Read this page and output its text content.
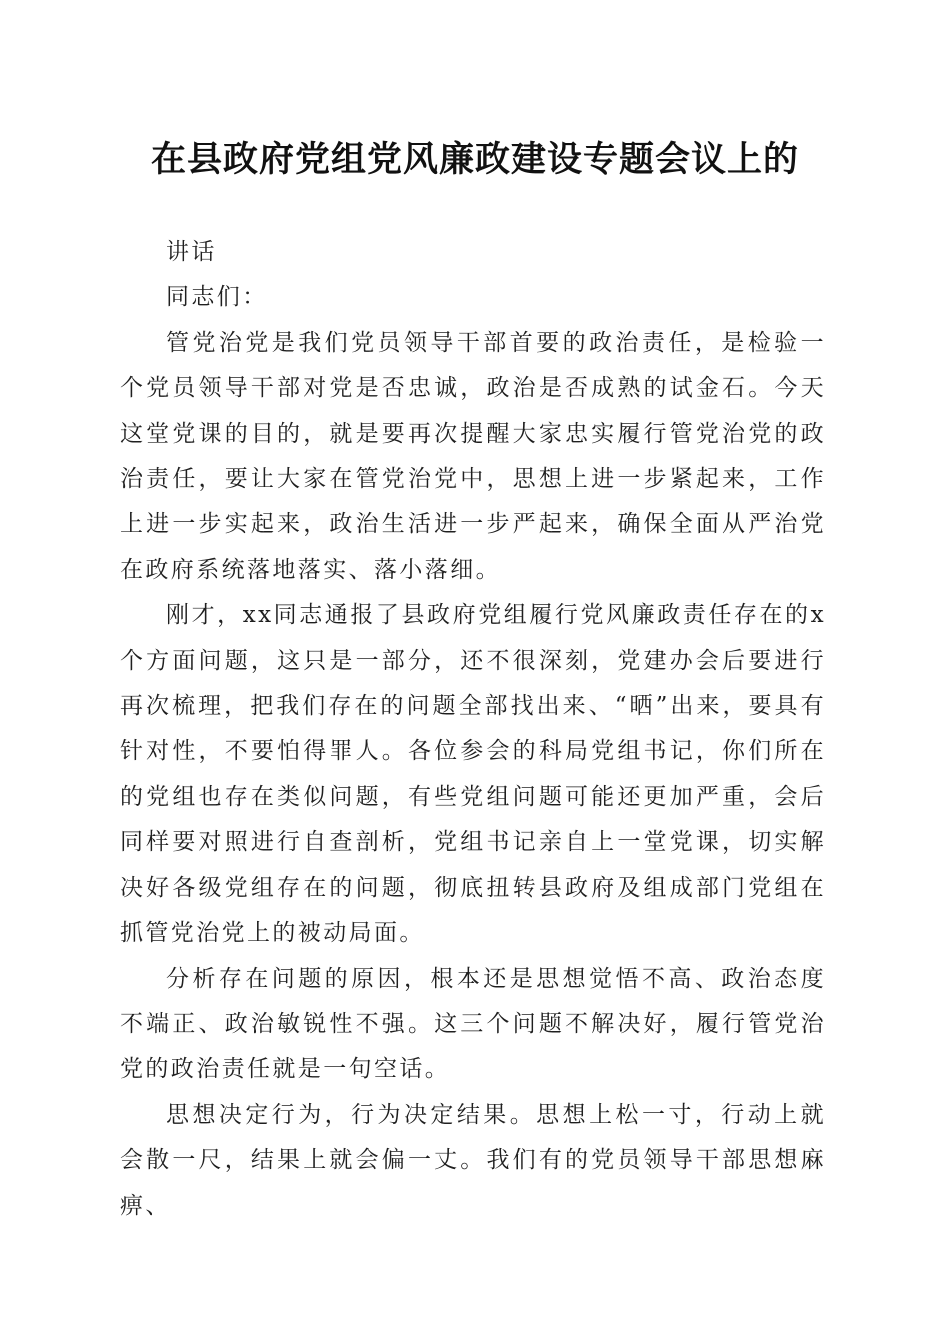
在县政府党组党风廉政建设专题会议上的

讲话

同志们：

管党治党是我们党员领导干部首要的政治责任，是检验一个党员领导干部对党是否忠诚，政治是否成熟的试金石。今天这堂党课的目的，就是要再次提醒大家忠实履行管党治党的政治责任，要让大家在管党治党中，思想上进一步紧起来，工作上进一步实起来，政治生活进一步严起来，确保全面从严治党在政府系统落地落实、落小落细。

刚才，xx同志通报了县政府党组履行党风廉政责任存在的x个方面问题，这只是一部分，还不很深刻，党建办会后要进行再次梳理，把我们存在的问题全部找出来、“晒”出来，要具有针对性，不要怕得罪人。各位参会的科局党组书记，你们所在的党组也存在类似问题，有些党组问题可能还更加严重，会后同样要对照进行自查剖析，党组书记亲自上一堂党课，切实解决好各级党组存在的问题，彻底扭转县政府及组成部门党组在抓管党治党上的被动局面。

分析存在问题的原因，根本还是思想觉悟不高、政治态度不端正、政治敏锐性不强。这三个问题不解决好，履行管党治党的政治责任就是一句空话。

思想决定行为，行为决定结果。思想上松一寸，行动上就会散一尺，结果上就会偏一丈。我们有的党员领导干部思想麻痹、
